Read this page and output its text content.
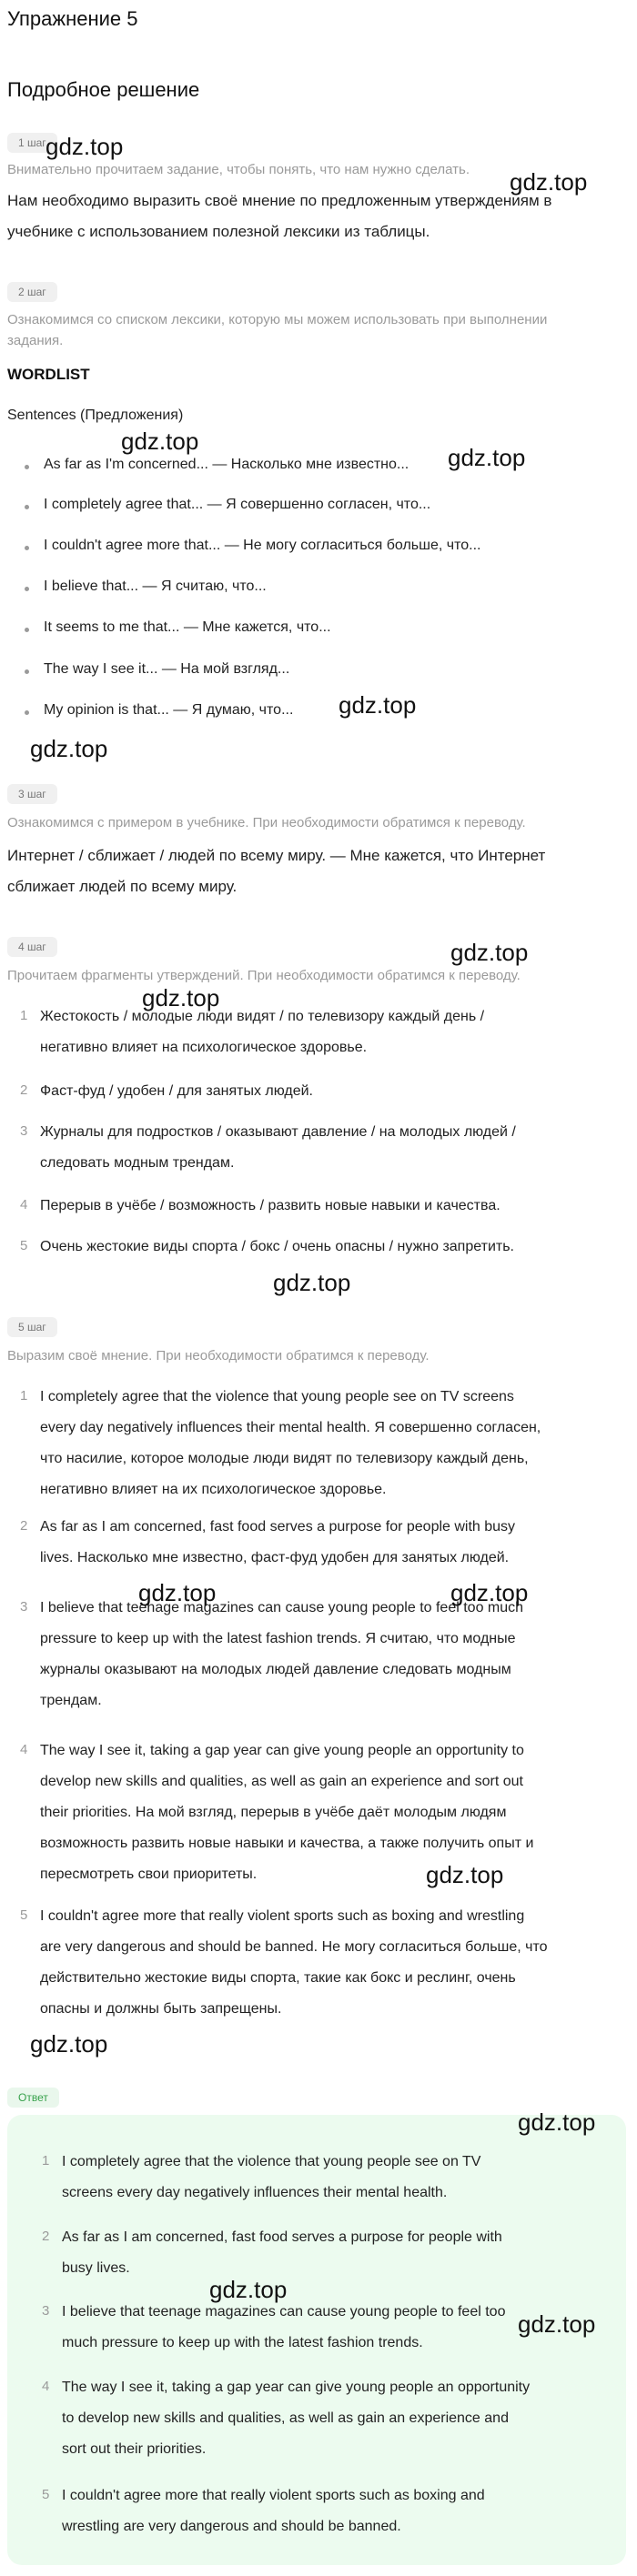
Упражнение 5
Подробное решение
1 шаг
Внимательно прочитаем задание, чтобы понять, что нам нужно сделать.
Нам необходимо выразить своё мнение по предложенным утверждениям в
учебнике с использованием полезной лексики из таблицы.
2 шаг
Ознакомимся со списком лексики, которую мы можем использовать при выполнении
задания.
WORDLIST
Sentences (Предложения)
As far as I'm concerned... — Насколько мне известно...
I completely agree that... — Я совершенно согласен, что...
I couldn't agree more that... — Не могу согласиться больше, что...
I believe that... — Я считаю, что...
It seems to me that... — Мне кажется, что...
The way I see it... — На мой взгляд...
My opinion is that... — Я думаю, что...
3 шаг
Ознакомимся с примером в учебнике. При необходимости обратимся к переводу.
Интернет / сближает / людей по всему миру. — Мне кажется, что Интернет
сближает людей по всему миру.
4 шаг
Прочитаем фрагменты утверждений. При необходимости обратимся к переводу.
1 Жестокость / молодые люди видят / по телевизору каждый день /
негативно влияет на психологическое здоровье.
2 Фаст-фуд / удобен / для занятых людей.
3 Журналы для подростков / оказывают давление / на молодых людей /
следовать модным трендам.
4 Перерыв в учёбе / возможность / развить новые навыки и качества.
5 Очень жестокие виды спорта / бокс / очень опасны / нужно запретить.
5 шаг
Выразим своё мнение. При необходимости обратимся к переводу.
1 I completely agree that the violence that young people see on TV screens
every day negatively influences their mental health. Я совершенно согласен,
что насилие, которое молодые люди видят по телевизору каждый день,
негативно влияет на их психологическое здоровье.
2 As far as I am concerned, fast food serves a purpose for people with busy
lives. Насколько мне известно, фаст-фуд удобен для занятых людей.
3 I believe that teenage magazines can cause young people to feel too much
pressure to keep up with the latest fashion trends. Я считаю, что модные
журналы оказывают на молодых людей давление следовать модным
трендам.
4 The way I see it, taking a gap year can give young people an opportunity to
develop new skills and qualities, as well as gain an experience and sort out
their priorities. На мой взгляд, перерыв в учёбе даёт молодым людям
возможность развить новые навыки и качества, а также получить опыт и
пересмотреть свои приоритеты.
5 I couldn't agree more that really violent sports such as boxing and wrestling
are very dangerous and should be banned. Не могу согласиться больше, что
действительно жестокие виды спорта, такие как бокс и реслинг, очень
опасны и должны быть запрещены.
Ответ
1 I completely agree that the violence that young people see on TV
screens every day negatively influences their mental health.
2 As far as I am concerned, fast food serves a purpose for people with
busy lives.
3 I believe that teenage magazines can cause young people to feel too
much pressure to keep up with the latest fashion trends.
4 The way I see it, taking a gap year can give young people an opportunity
to develop new skills and qualities, as well as gain an experience and
sort out their priorities.
5 I couldn't agree more that really violent sports such as boxing and
wrestling are very dangerous and should be banned.
gdz.top
gdz.top
gdz.top
gdz.top
gdz.top
gdz.top
gdz.top
gdz.top
gdz.top
gdz.top	gdz.top
gdz.top
gdz.top
gdz.top
gdz.top
gdz.top
